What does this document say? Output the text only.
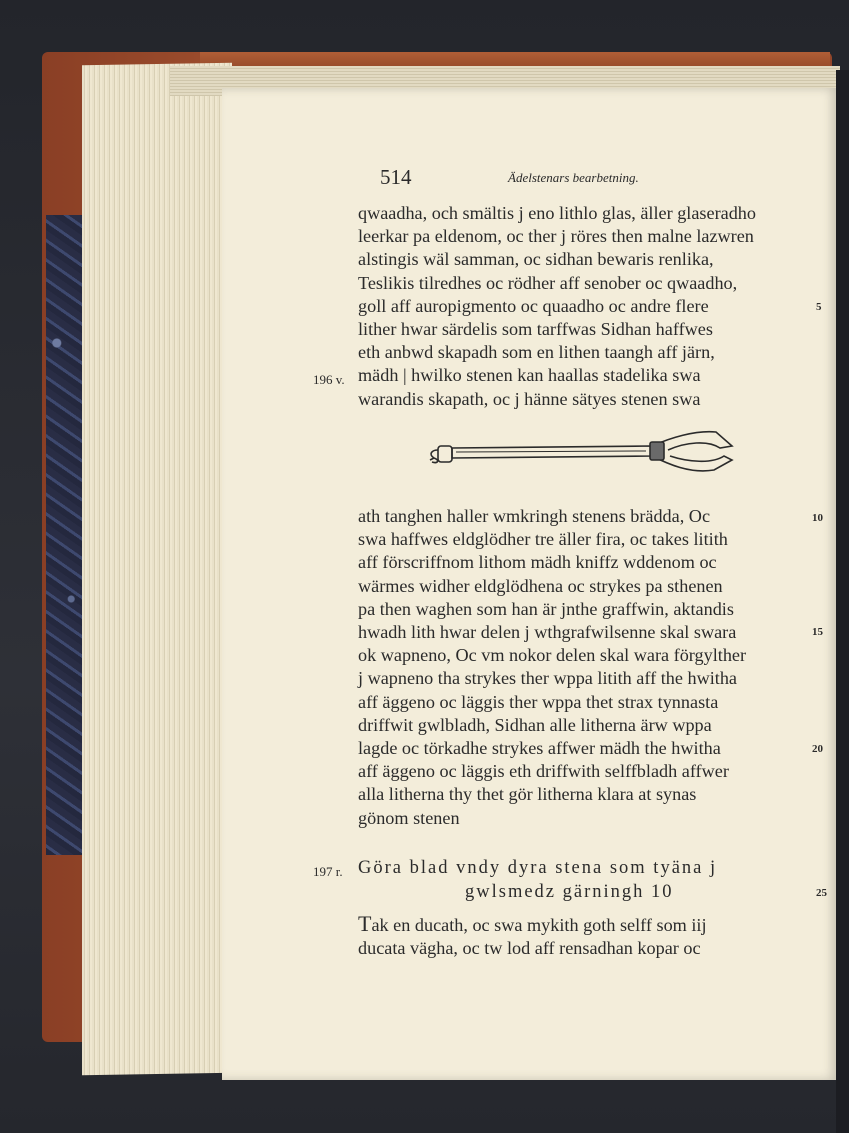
514	Ädelstenars bearbetning.
qwaadha, och smältis j eno lithlo glas, äller glaseradho
leerkar pa eldenom, oc ther j röres then malne lazwren
alstingis wäl samman, oc sidhan bewaris renlika,
Teslikis tilredhes oc rödher aff senober oc qwaadho,
goll aff auropigmento oc quaadho oc andre flere
lither hwar särdelis som tarffwas Sidhan haffwes
eth anbwd skapadh som en lithen taangh aff järn,
mädh | hwilko stenen kan haallas stadelika swa
warandis skapath, oc j hänne sätyes stenen swa
196 v.
5
ath tanghen haller wmkringh stenens brädda, Oc
swa haffwes eldglödher tre äller fira, oc takes litith
aff förscriffnom lithom mädh kniffz wddenom oc
wärmes widher eldglödhena oc strykes pa sthenen
pa then waghen som han är jnthe graffwin, aktandis
hwadh lith hwar delen j wthgrafwilsenne skal swara
ok wapneno, Oc vm nokor delen skal wara förgylther
j wapneno tha strykes ther wppa litith aff the hwitha
aff äggeno oc läggis ther wppa thet strax tynnasta
driffwit gwlbladh, Sidhan alle litherna ärw wppa
lagde oc törkadhe strykes affwer mädh the hwitha
aff äggeno oc läggis eth driffwith selffbladh affwer
alla litherna thy thet gör litherna klara at synas
gönom stenen
10
15
20
Göra blad vndy dyra stena som tyäna j
gwlsmedz gärningh 10
197 r.
25
Tak en ducath, oc swa mykith goth selff som iij
ducata vägha, oc tw lod aff rensadhan kopar oc
